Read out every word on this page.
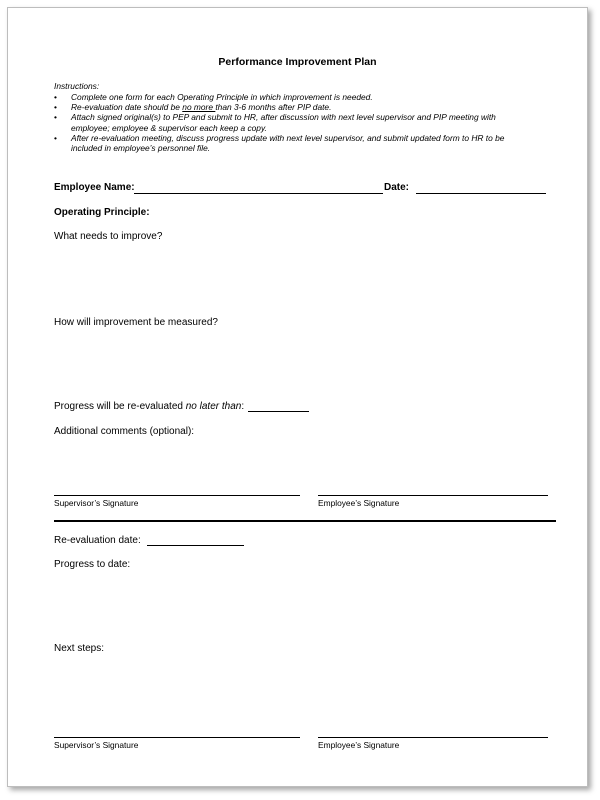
Performance Improvement Plan
Instructions:
• Complete one form for each Operating Principle in which improvement is needed.
• Re-evaluation date should be no more than 3-6 months after PIP date.
• Attach signed original(s) to PEP and submit to HR, after discussion with next level supervisor and PIP meeting with
employee; employee & supervisor each keep a copy.
• After re-evaluation meeting, discuss progress update with next level supervisor, and submit updated form to HR to be
included in employee’s personnel file.
Employee Name:	Date:
Operating Principle:
What needs to improve?
How will improvement be measured?
Progress will be re-evaluated no later than:
Additional comments (optional):
Supervisor’s Signature	Employee’s Signature
Re-evaluation date:
Progress to date:
Next steps:
Supervisor’s Signature	Employee’s Signature
